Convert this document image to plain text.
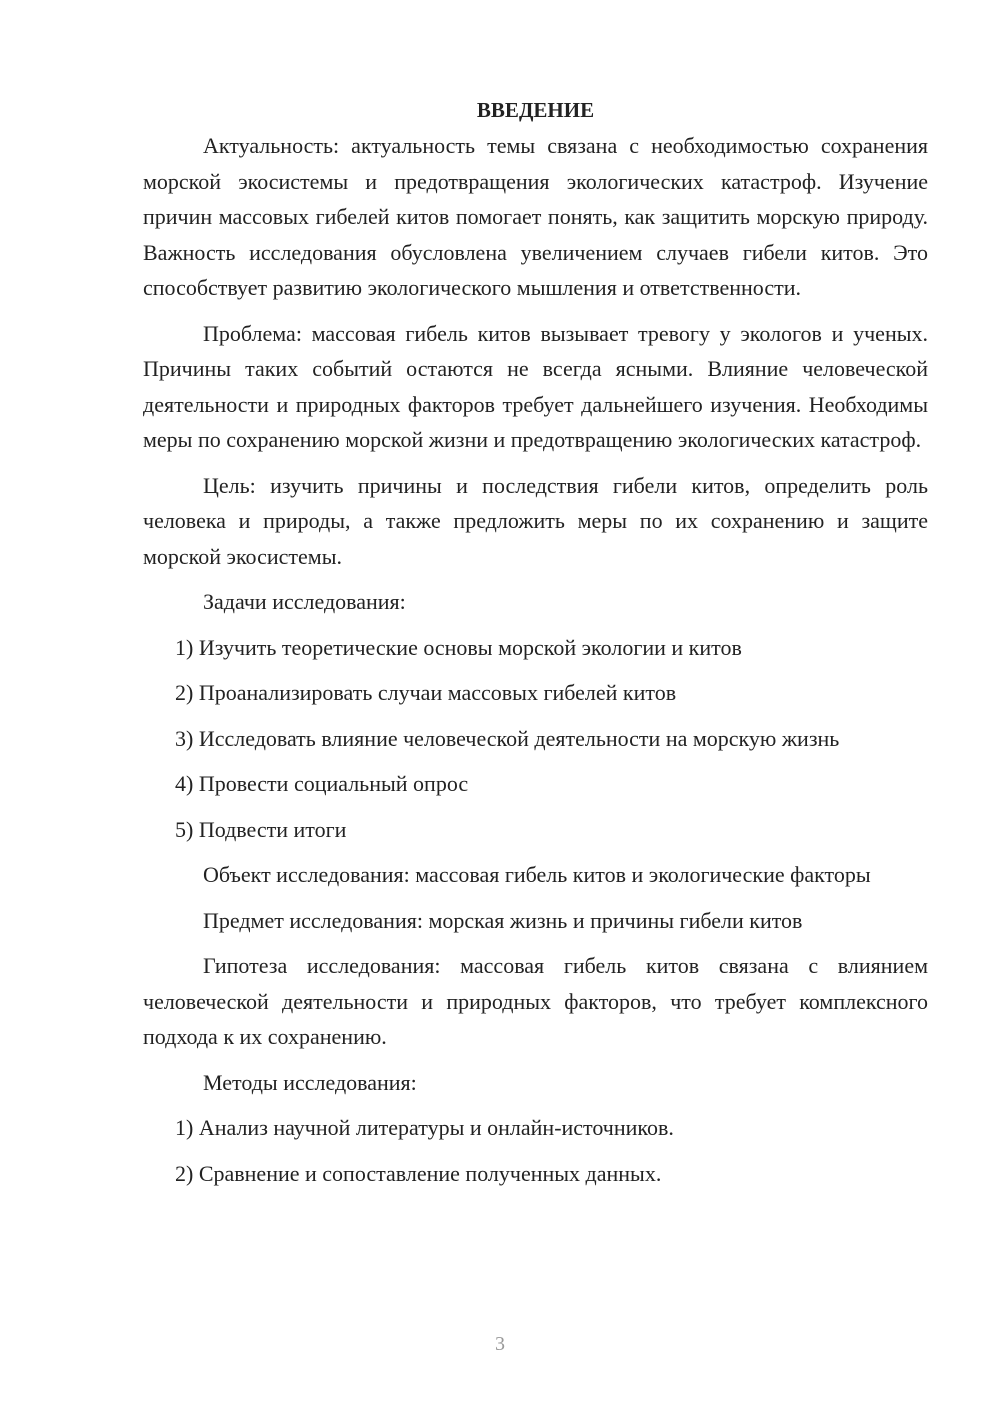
ВВЕДЕНИЕ

Актуальность: актуальность темы связана с необходимостью сохранения морской экосистемы и предотвращения экологических катастроф. Изучение причин массовых гибелей китов помогает понять, как защитить морскую природу. Важность исследования обусловлена увеличением случаев гибели китов. Это способствует развитию экологического мышления и ответственности.

Проблема: массовая гибель китов вызывает тревогу у экологов и ученых. Причины таких событий остаются не всегда ясными. Влияние человеческой деятельности и природных факторов требует дальнейшего изучения. Необходимы меры по сохранению морской жизни и предотвращению экологических катастроф.

Цель: изучить причины и последствия гибели китов, определить роль человека и природы, а также предложить меры по их сохранению и защите морской экосистемы.

Задачи исследования:

1) Изучить теоретические основы морской экологии и китов

2) Проанализировать случаи массовых гибелей китов

3) Исследовать влияние человеческой деятельности на морскую жизнь

4) Провести социальный опрос

5) Подвести итоги

Объект исследования: массовая гибель китов и экологические факторы

Предмет исследования: морская жизнь и причины гибели китов

Гипотеза исследования: массовая гибель китов связана с влиянием человеческой деятельности и природных факторов, что требует комплексного подхода к их сохранению.

Методы исследования:

1) Анализ научной литературы и онлайн-источников.

2) Сравнение и сопоставление полученных данных.

3
